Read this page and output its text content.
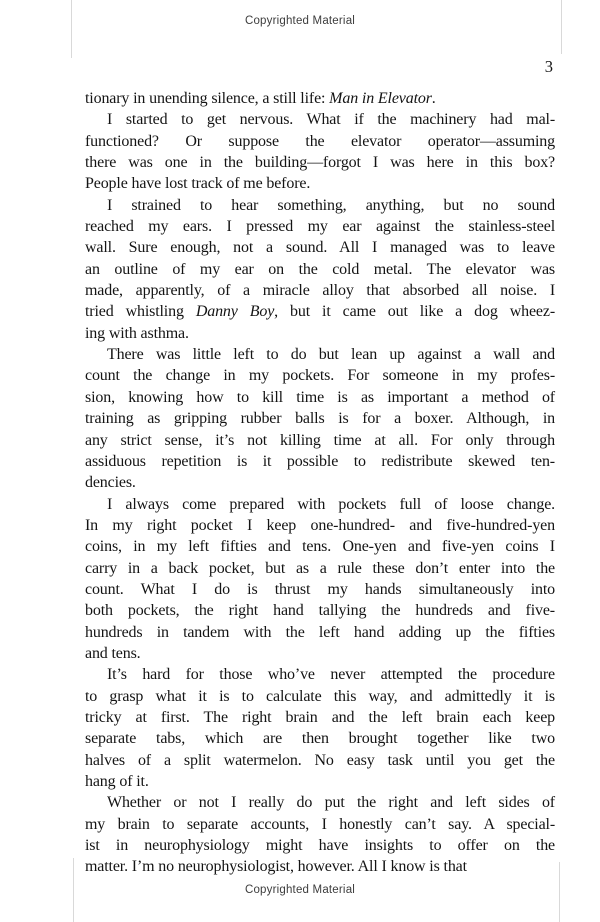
Copyrighted Material
3
tionary in unending silence, a still life: Man in Elevator.
I started to get nervous. What if the machinery had mal-
functioned? Or suppose the elevator operator—assuming
there was one in the building—forgot I was here in this box?
People have lost track of me before.
I strained to hear something, anything, but no sound
reached my ears. I pressed my ear against the stainless-steel
wall. Sure enough, not a sound. All I managed was to leave
an outline of my ear on the cold metal. The elevator was
made, apparently, of a miracle alloy that absorbed all noise. I
tried whistling Danny Boy, but it came out like a dog wheez-
ing with asthma.
There was little left to do but lean up against a wall and
count the change in my pockets. For someone in my profes-
sion, knowing how to kill time is as important a method of
training as gripping rubber balls is for a boxer. Although, in
any strict sense, it’s not killing time at all. For only through
assiduous repetition is it possible to redistribute skewed ten-
dencies.
I always come prepared with pockets full of loose change.
In my right pocket I keep one-hundred- and five-hundred-yen
coins, in my left fifties and tens. One-yen and five-yen coins I
carry in a back pocket, but as a rule these don’t enter into the
count. What I do is thrust my hands simultaneously into
both pockets, the right hand tallying the hundreds and five-
hundreds in tandem with the left hand adding up the fifties
and tens.
It’s hard for those who’ve never attempted the procedure
to grasp what it is to calculate this way, and admittedly it is
tricky at first. The right brain and the left brain each keep
separate tabs, which are then brought together like two
halves of a split watermelon. No easy task until you get the
hang of it.
Whether or not I really do put the right and left sides of
my brain to separate accounts, I honestly can’t say. A special-
ist in neurophysiology might have insights to offer on the
matter. I’m no neurophysiologist, however. All I know is that
Copyrighted Material
